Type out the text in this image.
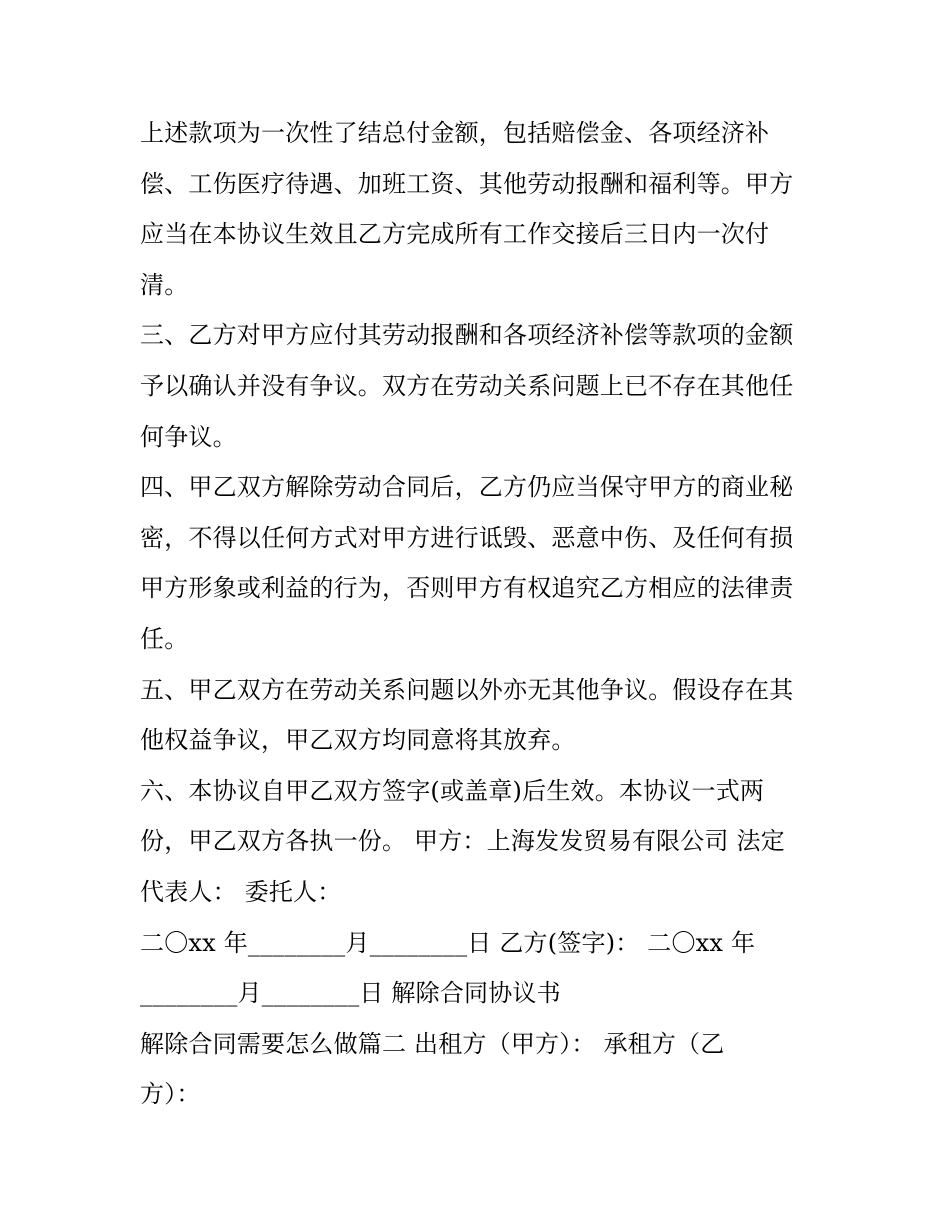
上述款项为一次性了结总付金额，包括赔偿金、各项经济补
偿、工伤医疗待遇、加班工资、其他劳动报酬和福利等。甲方
应当在本协议生效且乙方完成所有工作交接后三日内一次付
清。
三、乙方对甲方应付其劳动报酬和各项经济补偿等款项的金额
予以确认并没有争议。双方在劳动关系问题上已不存在其他任
何争议。
四、甲乙双方解除劳动合同后，乙方仍应当保守甲方的商业秘
密，不得以任何方式对甲方进行诋毁、恶意中伤、及任何有损
甲方形象或利益的行为，否则甲方有权追究乙方相应的法律责
任。
五、甲乙双方在劳动关系问题以外亦无其他争议。假设存在其
他权益争议，甲乙双方均同意将其放弃。
六、本协议自甲乙双方签字(或盖章)后生效。本协议一式两
份，甲乙双方各执一份。 甲方：上海发发贸易有限公司 法定
代表人： 委托人：
二〇xx 年________月________日 乙方(签字)： 二〇xx 年
________月________日 解除合同协议书
解除合同需要怎么做篇二 出租方（甲方）： 承租方（乙
方）：
